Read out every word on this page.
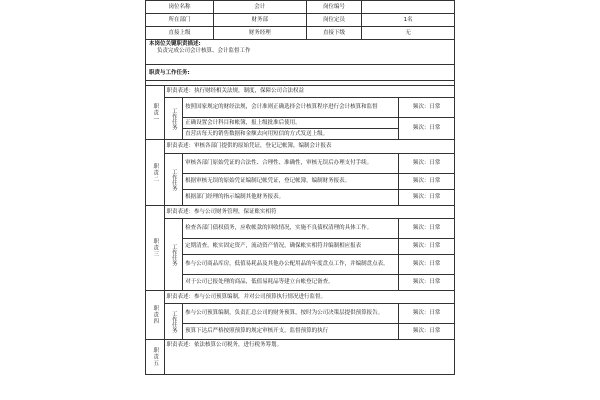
岗位名称	会计	岗位编号	
所在部门	财务部	岗位定员	1名
直接上级	财务经理	直接下级	无
本岗位关键职责描述:
负责完成公司会计核算、会计监督工作
职责与工作任务:
职责一	职责表述：执行财经相关法规，制度，保障公司合法权益		
	工作任务	按照国家规定的财经法规，会计准则正确选择会计核算程序进行会计核算和监督	频次：日常
		正确设置会计科目和帐簿，报上级批准后使用。	频次：日常
		直营店每天的销售数据和金额去向用短信的方式发送上级。	
职责二	职责表述：审核各部门提供的原始凭证，登记记帐簿，编制会计报表		
	工作任务	审核各部门原始凭证的合法性、合理性、准确性，审核无误后办理支付手续。	频次：日常
		根据审核无误的原始凭证编制记帐凭证，登记帐簿，编制财务报表。	频次：日常
		根据部门经理的指示编制其他财务报表。	频次：日常
职责三	职责表述：参与公司财务管理，保证账实相符		
	工作任务	检查各部门债权债务，应收帐款的回收情况，实施不良债权清理的具体工作。	频次：日常
		定期清查，帐实固定资产，流动资产情况，确保帐实相符并编制相应报表	频次：日常
		参与公司商品库房，低值易耗品及其他办公配用品的年度盘点工作，并编制盘点表。	频次：日常
		对于公司已报处理的商品，低值易耗品等建立台帐登记备查。	频次：日常
职责四	职责表述：参与公司预算编制，并对公司预算执行情况进行监督。		
	工作任务	参与公司预算编制，负责汇总公司的财务预算，按时为公司决策层提供预算报告。	频次：日常
		预算下达后严格按照预算的规定审核开支，监督预算的执行	频次：日常
职责五	职责表述：依法核算公司税务，进行税务筹划。		
